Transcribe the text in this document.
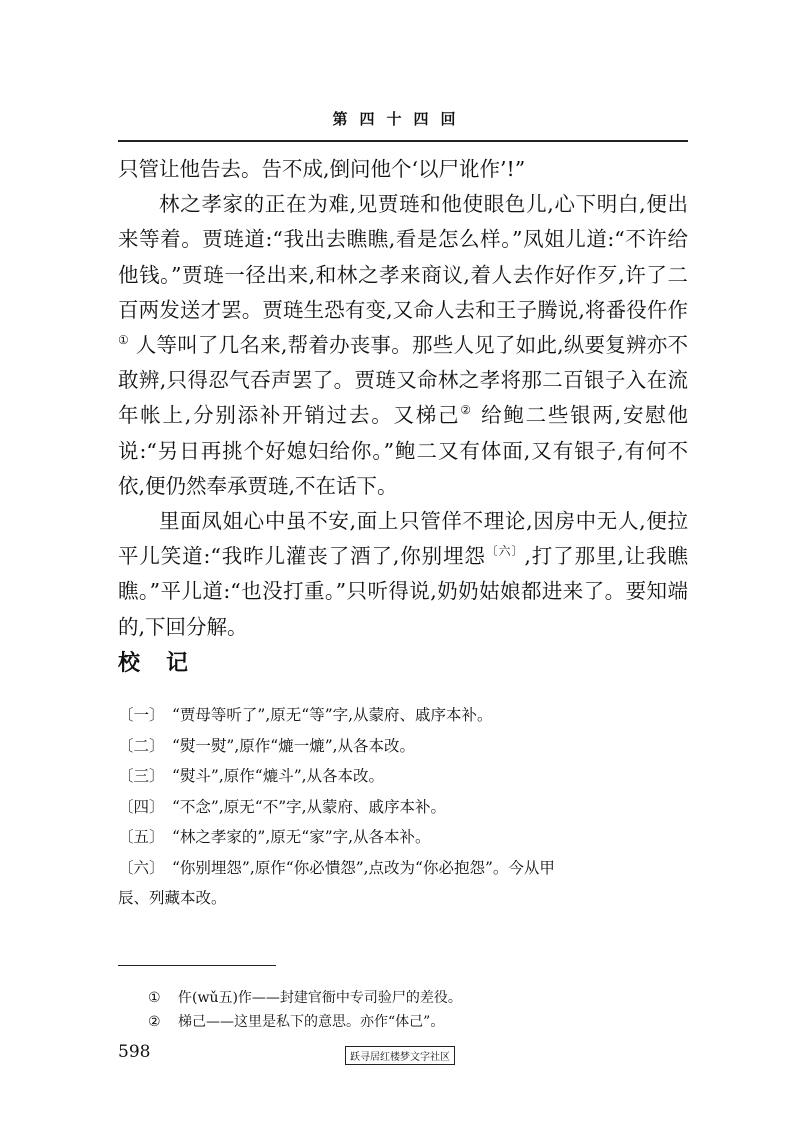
第四十四回

只管让他告去。告不成,倒问他个‘以尸讹作’!”

林之孝家的正在为难,见贾琏和他使眼色儿,心下明白,便出来等着。贾琏道:“我出去瞧瞧,看是怎么样。”凤姐儿道:“不许给他钱。”贾琏一径出来,和林之孝来商议,着人去作好作歹,许了二百两发送才罢。贾琏生恐有变,又命人去和王子腾说,将番役仵作① 人等叫了几名来,帮着办丧事。那些人见了如此,纵要复辨亦不敢辨,只得忍气吞声罢了。贾琏又命林之孝将那二百银子入在流年帐上,分别添补开销过去。又梯己② 给鲍二些银两,安慰他说:“另日再挑个好媳妇给你。”鲍二又有体面,又有银子,有何不依,便仍然奉承贾琏,不在话下。

里面凤姐心中虽不安,面上只管佯不理论,因房中无人,便拉平儿笑道:“我昨儿灌丧了酒了,你别埋怨$^{〔六〕}$,打了那里,让我瞧瞧。”平儿道:“也没打重。”只听得说,奶奶姑娘都进来了。要知端的,下回分解。

校记

〔一〕 “贾母等听了”,原无“等”字,从蒙府、戚序本补。

〔二〕 “熨一熨”,原作“熝一熝”,从各本改。

〔三〕 “熨斗”,原作“熝斗”,从各本改。

〔四〕 “不念”,原无“不”字,从蒙府、戚序本补。

〔五〕 “林之孝家的”,原无“家”字,从各本补。

〔六〕 “你别埋怨”,原作“你必憒怨”,点改为“你必抱怨”。今从甲

辰、列藏本改。

① 仵(wǔ五)作——封建官衙中专司验尸的差役。

② 梯己——这里是私下的意思。亦作“体己”。

598	跃寻居红楼梦文字社区
